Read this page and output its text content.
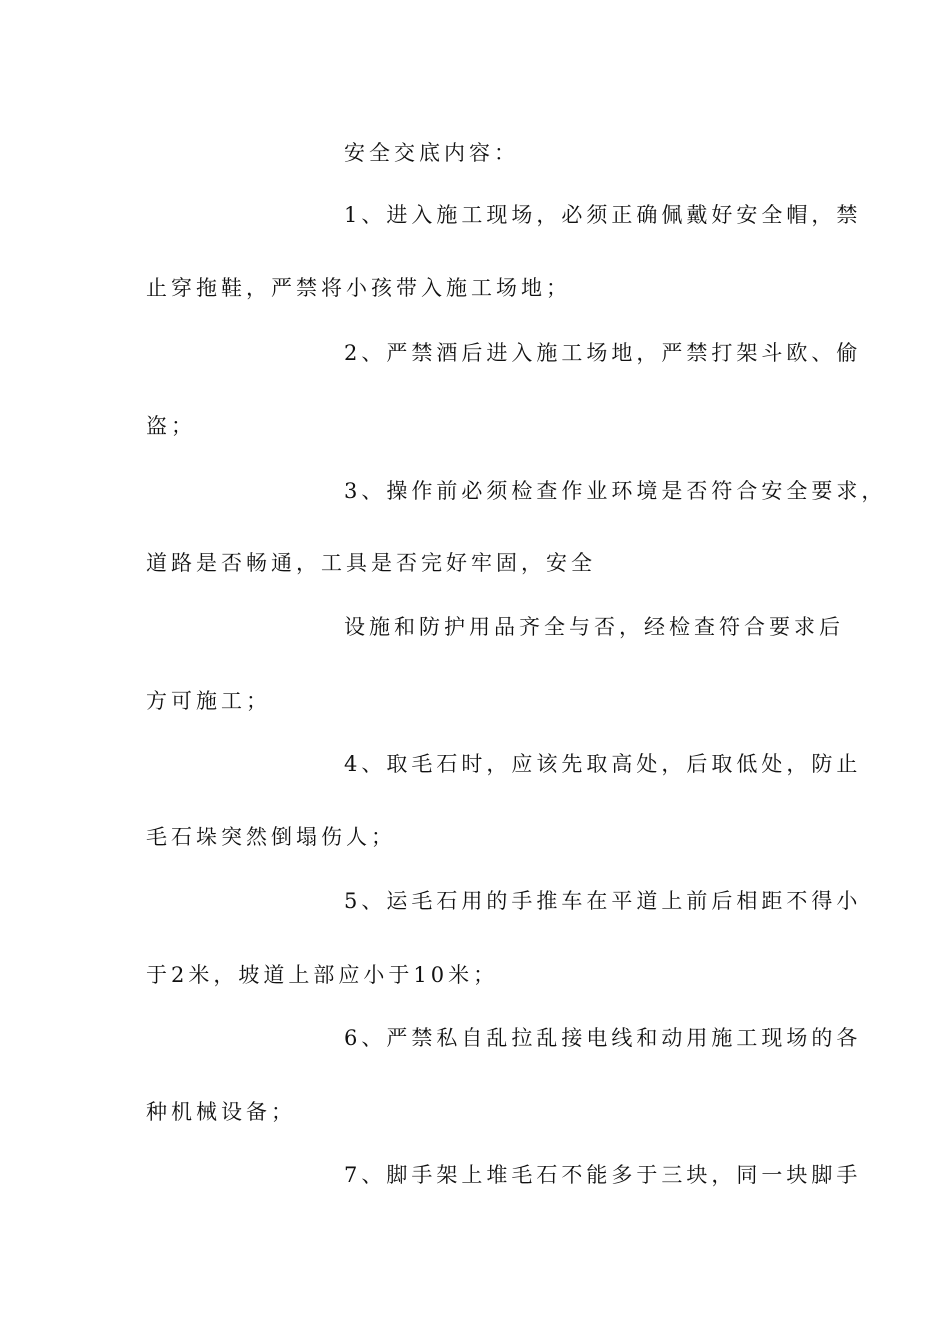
安全交底内容：
1、进入施工现场，必须正确佩戴好安全帽，禁
止穿拖鞋，严禁将小孩带入施工场地；
2、严禁酒后进入施工场地，严禁打架斗欧、偷
盗；
3、操作前必须检查作业环境是否符合安全要求，
道路是否畅通，工具是否完好牢固，安全
设施和防护用品齐全与否，经检查符合要求后
方可施工；
4、取毛石时，应该先取高处，后取低处，防止
毛石垛突然倒塌伤人；
5、运毛石用的手推车在平道上前后相距不得小
于2米，坡道上部应小于10米；
6、严禁私自乱拉乱接电线和动用施工现场的各
种机械设备；
7、脚手架上堆毛石不能多于三块，同一块脚手
